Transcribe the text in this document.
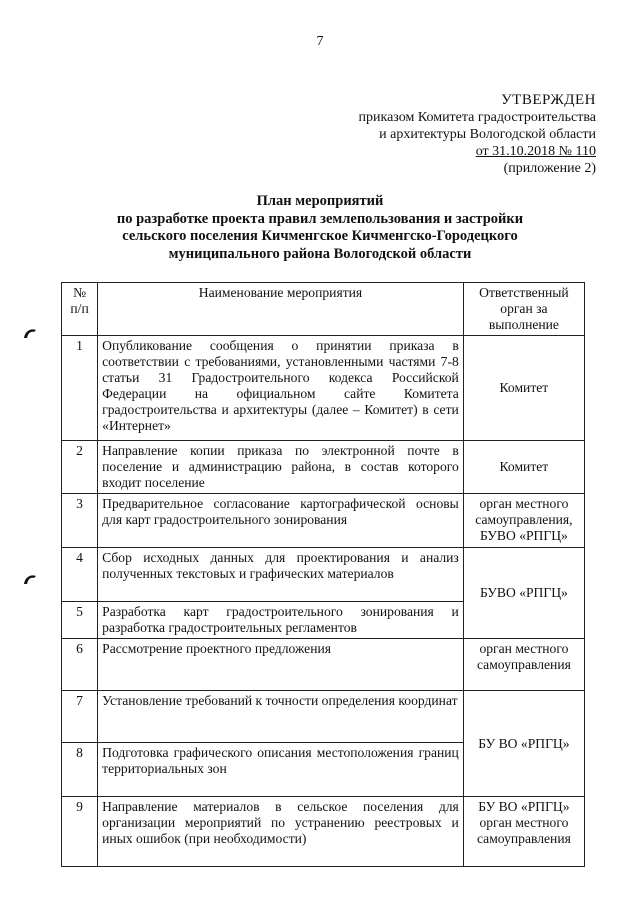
7
УТВЕРЖДЕН
приказом Комитета градостроительства
и архитектуры Вологодской области
от 31.10.2018 № 110
(приложение 2)
План мероприятий
по разработке проекта правил землепользования и застройки
сельского поселения Кичменгское Кичменгско-Городецкого
муниципального района Вологодской области
№ п/п	Наименование мероприятия	Ответственный орган за выполнение
1	Опубликование сообщения о принятии приказа в соответствии с требованиями, установленными частями 7-8 статьи 31 Градостроительного кодекса Российской Федерации на официальном сайте Комитета градостроительства и архитектуры (далее – Комитет) в сети «Интернет»	Комитет
2	Направление копии приказа по электронной почте в поселение и администрацию района, в состав которого входит поселение	Комитет
3	Предварительное согласование картографической основы для карт градостроительного зонирования	орган местного самоуправления, БУВО «РПГЦ»
4	Сбор исходных данных для проектирования и анализ полученных текстовых и графических материалов	БУВО «РПГЦ»
5	Разработка карт градостроительного зонирования и разработка градостроительных регламентов	
6	Рассмотрение проектного предложения	орган местного самоуправления
7	Установление требований к точности определения координат	БУ ВО «РПГЦ»
8	Подготовка графического описания местоположения границ территориальных зон	
9	Направление материалов в сельское поселения для организации мероприятий по устранению реестровых и иных ошибок (при необходимости)	БУ ВО «РПГЦ» орган местного самоуправления
